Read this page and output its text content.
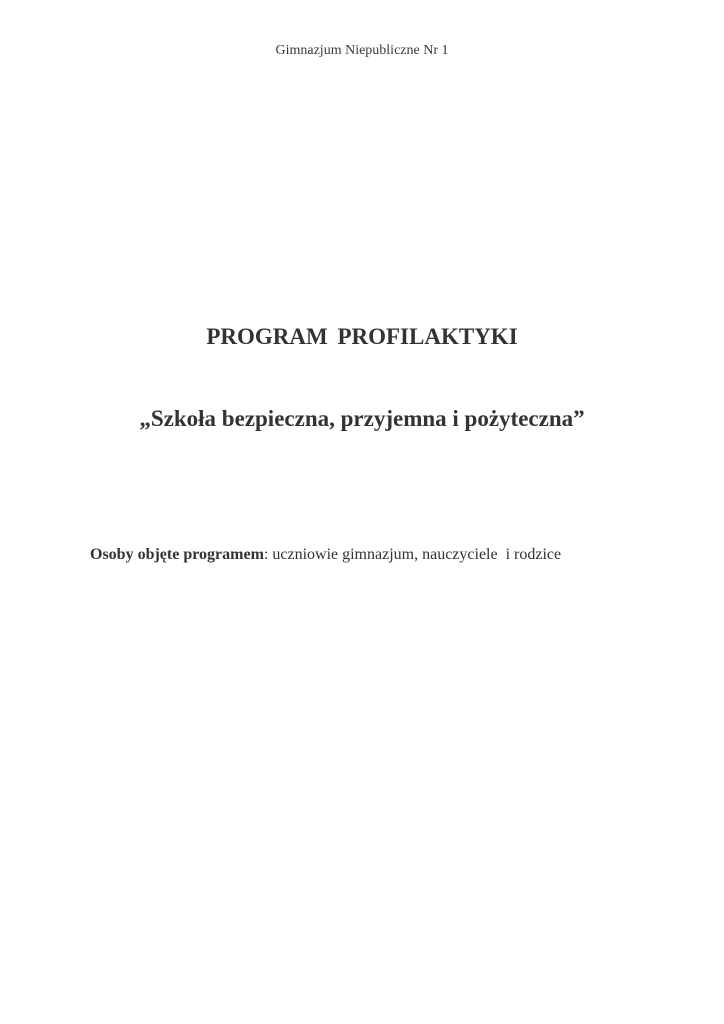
Gimnazjum Niepubliczne Nr 1
PROGRAM PROFILAKTYKI
„Szkoła bezpieczna, przyjemna i pożyteczna”
Osoby objęte programem: uczniowie gimnazjum, nauczyciele  i rodzice
